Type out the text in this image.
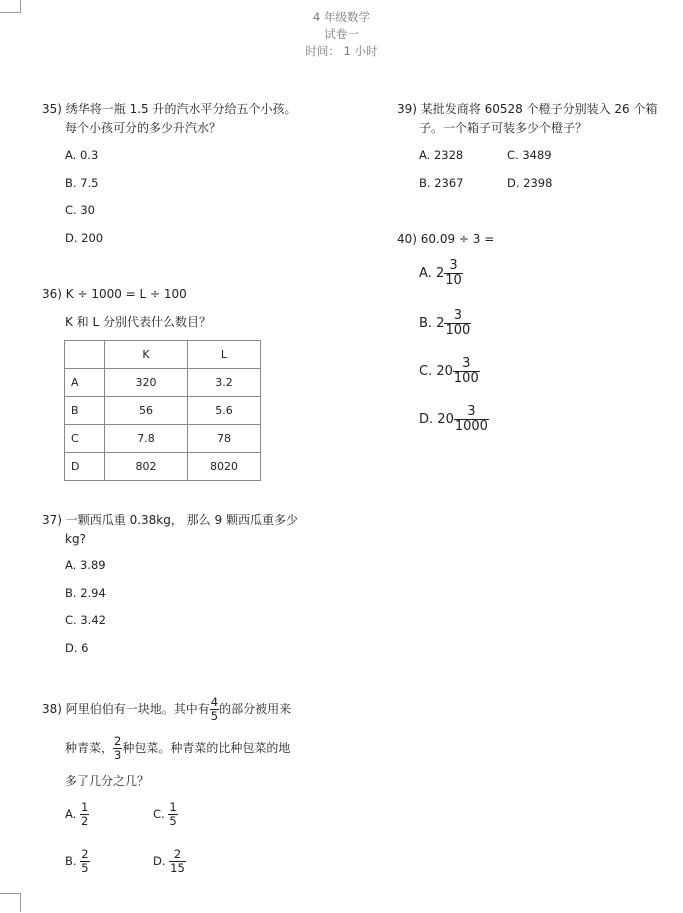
4 年级数学
试卷一
时间： 1 小时
35) 绣华将一瓶 1.5 升的汽水平分给五个小孩。
每个小孩可分的多少升汽水？
A. 0.3
B. 7.5
C. 30
D. 200
36) K ÷ 1000 = L ÷ 100
K 和 L 分别代表什么数目？
	K	L
A	320	3.2
B	56	5.6
C	7.8	78
D	802	8020
37) 一颗西瓜重 0.38kg， 那么 9 颗西瓜重多少
kg?
A. 3.89
B. 2.94
C. 3.42
D. 6
38) 阿里伯伯有一块地。其中有 $\frac{4}{5}$ 的部分被用来
种青菜， $\frac{2}{3}$ 种包菜。种青菜的比种包菜的地
多了几分之几？
A. $\frac{1}{2}$	C. $\frac{1}{5}$
B. $\frac{2}{5}$	D. $\frac{2}{15}$
39) 某批发商将 60528 个橙子分别装入 26 个箱
子。一个箱子可装多少个橙子？
A. 2328	C. 3489
B. 2367	D. 2398
40) 60.09 ÷ 3 =
A. $2 \frac{3}{10}$
B. $2 \frac{3}{100}$
C. $20 \frac{3}{100}$
D. $20 \frac{3}{1000}$
